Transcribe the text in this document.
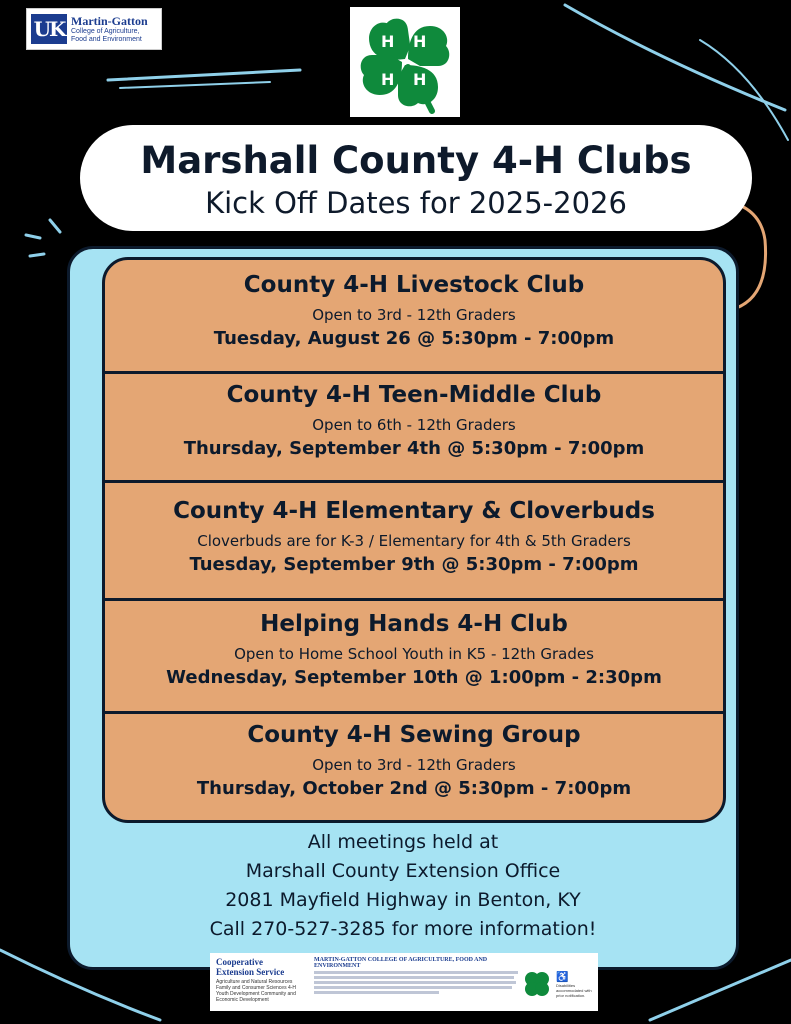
UK Martin-Gatton
College of Agriculture,
Food and Environment	H H
H H
Marshall County 4-H Clubs
Kick Off Dates for 2025-2026
County 4-H Livestock Club
Open to 3rd - 12th Graders
Tuesday, August 26 @ 5:30pm - 7:00pm
County 4-H Teen-Middle Club
Open to 6th - 12th Graders
Thursday, September 4th @ 5:30pm - 7:00pm
County 4-H Elementary & Cloverbuds
Cloverbuds are for K-3 / Elementary for 4th & 5th Graders
Tuesday, September 9th @ 5:30pm - 7:00pm
Helping Hands 4-H Club
Open to Home School Youth in K5 - 12th Grades
Wednesday, September 10th @ 1:00pm - 2:30pm
County 4-H Sewing Group
Open to 3rd - 12th Graders
Thursday, October 2nd @ 5:30pm - 7:00pm
All meetings held at
Marshall County Extension Office
2081 Mayfield Highway in Benton, KY
Call 270-527-3285 for more information!
Cooperative
Extension Service
Agriculture and Natural Resources Family and Consumer Sciences 4-H Youth Development Community and Economic Development
MARTIN-GATTON COLLEGE OF AGRICULTURE, FOOD AND ENVIRONMENT
♿
Disabilities accommodated with prior notification.
